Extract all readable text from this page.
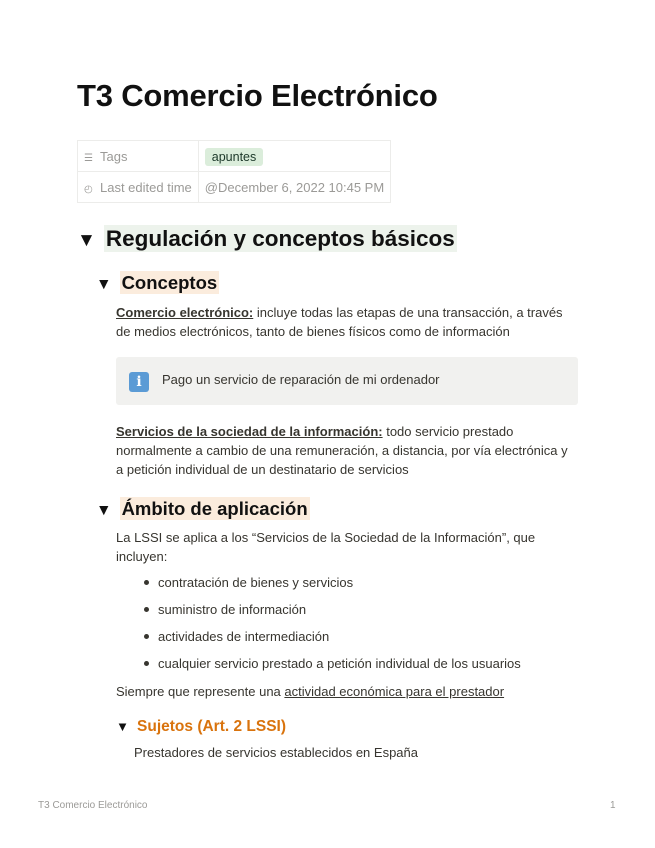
T3 Comercio Electrónico
☰ Tags	apuntes
◴ Last edited time	@December 6, 2022 10:45 PM
▼ Regulación y conceptos básicos
▼ Conceptos

Comercio electrónico: incluye todas las etapas de una transacción, a través de medios electrónicos, tanto de bienes físicos como de información

i	Pago un servicio de reparación de mi ordenador

Servicios de la sociedad de la información: todo servicio prestado normalmente a cambio de una remuneración, a distancia, por vía electrónica y a petición individual de un destinatario de servicios

▼ Ámbito de aplicación

La LSSI se aplica a los “Servicios de la Sociedad de la Información”, que incluyen:

contratación de bienes y servicios
suministro de información
actividades de intermediación
cualquier servicio prestado a petición individual de los usuarios

Siempre que represente una actividad económica para el prestador

▼ Sujetos (Art. 2 LSSI)

Prestadores de servicios establecidos en España

T3 Comercio Electrónico	1
